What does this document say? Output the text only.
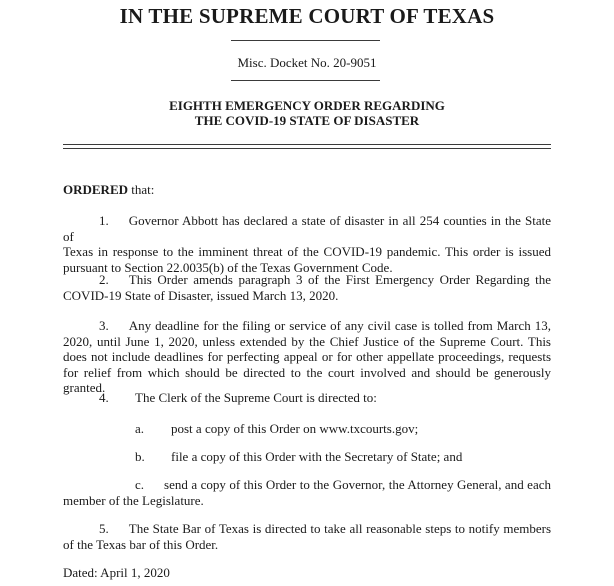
IN THE SUPREME COURT OF TEXAS
Misc. Docket No. 20-9051
EIGHTH EMERGENCY ORDER REGARDING
THE COVID-19 STATE OF DISASTER
ORDERED that:

1. Governor Abbott has declared a state of disaster in all 254 counties in the State of

Texas in response to the imminent threat of the COVID-19 pandemic. This order is issued pursuant to Section 22.0035(b) of the Texas Government Code.

2. This Order amends paragraph 3 of the First Emergency Order Regarding the

COVID-19 State of Disaster, issued March 13, 2020.

3. Any deadline for the filing or service of any civil case is tolled from March 13,

2020, until June 1, 2020, unless extended by the Chief Justice of the Supreme Court. This does not include deadlines for perfecting appeal or for other appellate proceedings, requests for relief from which should be directed to the court involved and should be generously granted.

4. The Clerk of the Supreme Court is directed to:
a. post a copy of this Order on www.txcourts.gov;
b. file a copy of this Order with the Secretary of State; and

c. send a copy of this Order to the Governor, the Attorney General, and each

member of the Legislature.

5. The State Bar of Texas is directed to take all reasonable steps to notify members

of the Texas bar of this Order.

Dated: April 1, 2020
